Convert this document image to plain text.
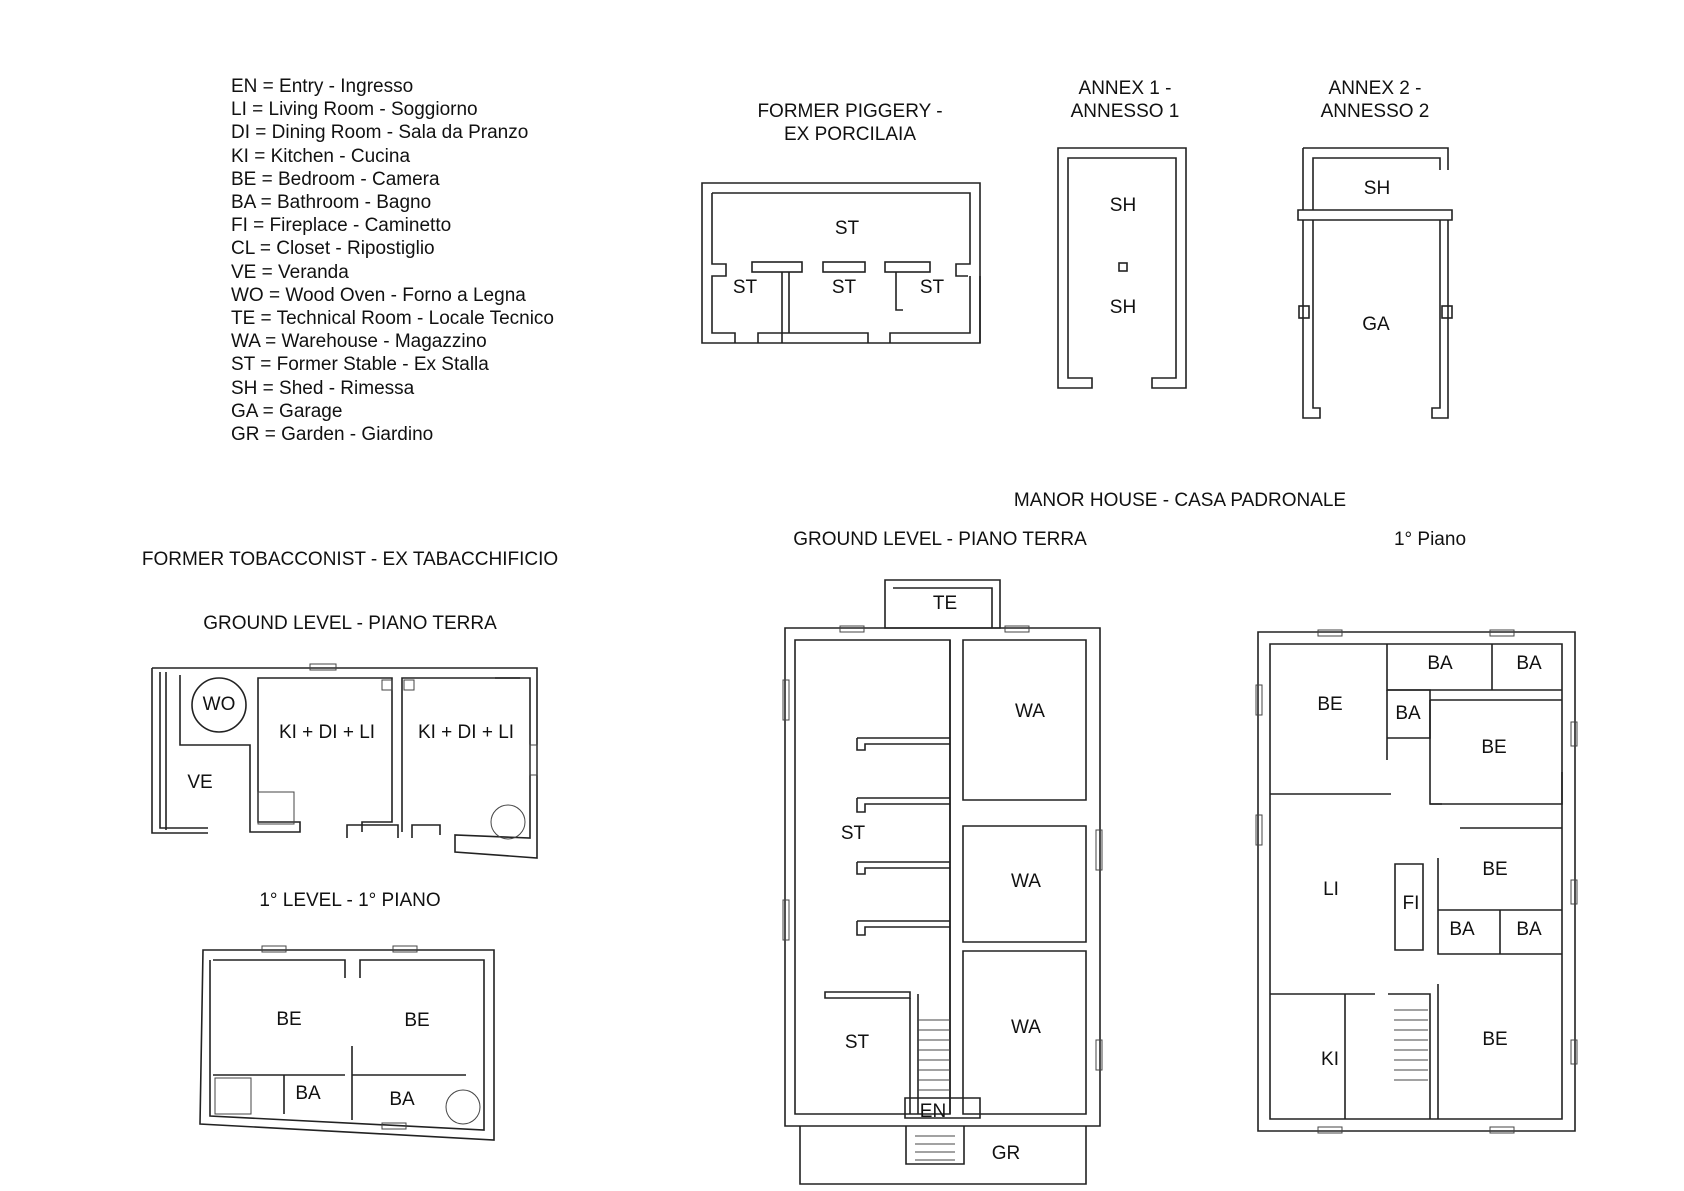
EN = Entry - Ingresso
LI = Living Room - Soggiorno
DI = Dining Room - Sala da Pranzo
KI = Kitchen - Cucina
BE = Bedroom - Camera
BA = Bathroom - Bagno
FI = Fireplace - Caminetto
CL = Closet - Ripostiglio
VE = Veranda
WO = Wood Oven - Forno a Legna
TE = Technical Room - Locale Tecnico
WA = Warehouse - Magazzino
ST = Former Stable - Ex Stalla
SH = Shed - Rimessa
GA = Garage
GR = Garden - Giardino
FORMER PIGGERY -
EX PORCILAIA
ANNEX 1 -
ANNESSO 1
ANNEX 2 -
ANNESSO 2
MANOR HOUSE - CASA PADRONALE
GROUND LEVEL - PIANO TERRA	1° Piano
FORMER TOBACCONIST - EX TABACCHIFICIO
GROUND LEVEL - PIANO TERRA
1° LEVEL - 1° PIANO
ST
ST	ST	ST
SH
SH
SH
GA
WO
KI + DI + LI KI + DI + LI
VE
BE	BE
BA	BA
TE
WA
WA
WA
ST
ST
EN
GR
BA	BA
BE	BA
BE
BE
LI
FI
BA BA
KI
BE
